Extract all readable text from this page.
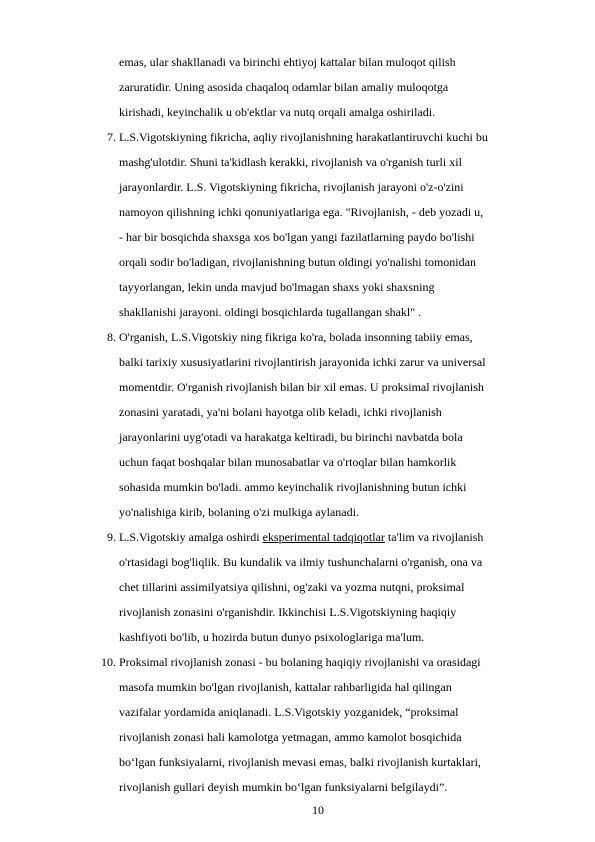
emas, ular shakllanadi va birinchi ehtiyoj kattalar bilan muloqot qilish
zaruratidir. Uning asosida chaqaloq odamlar bilan amaliy muloqotga
kirishadi, keyinchalik u ob'ektlar va nutq orqali amalga oshiriladi.
7. L.S.Vigotskiyning fikricha, aqliy rivojlanishning harakatlantiruvchi kuchi bu
mashg'ulotdir. Shuni ta'kidlash kerakki, rivojlanish va o'rganish turli xil
jarayonlardir. L.S. Vigotskiyning fikricha, rivojlanish jarayoni o'z-o'zini
namoyon qilishning ichki qonuniyatlariga ega. "Rivojlanish, - deb yozadi u,
- har bir bosqichda shaxsga xos bo'lgan yangi fazilatlarning paydo bo'lishi
orqali sodir bo'ladigan, rivojlanishning butun oldingi yo'nalishi tomonidan
tayyorlangan, lekin unda mavjud bo'lmagan shaxs yoki shaxsning
shakllanishi jarayoni. oldingi bosqichlarda tugallangan shakl" .
8. O'rganish, L.S.Vigotskiy ning fikriga ko'ra, bolada insonning tabiiy emas,
balki tarixiy xususiyatlarini rivojlantirish jarayonida ichki zarur va universal
momentdir. O'rganish rivojlanish bilan bir xil emas. U proksimal rivojlanish
zonasini yaratadi, ya'ni bolani hayotga olib keladi, ichki rivojlanish
jarayonlarini uyg'otadi va harakatga keltiradi, bu birinchi navbatda bola
uchun faqat boshqalar bilan munosabatlar va o'rtoqlar bilan hamkorlik
sohasida mumkin bo'ladi. ammo keyinchalik rivojlanishning butun ichki
yo'nalishiga kirib, bolaning o'zi mulkiga aylanadi.
9. L.S.Vigotskiy amalga oshirdi eksperimental tadqiqotlar ta'lim va rivojlanish
o'rtasidagi bog'liqlik. Bu kundalik va ilmiy tushunchalarni o'rganish, ona va
chet tillarini assimilyatsiya qilishni, og'zaki va yozma nutqni, proksimal
rivojlanish zonasini o'rganishdir. Ikkinchisi L.S.Vigotskiyning haqiqiy
kashfiyoti bo'lib, u hozirda butun dunyo psixologlariga ma'lum.
10. Proksimal rivojlanish zonasi - bu bolaning haqiqiy rivojlanishi va orasidagi
masofa mumkin bo'lgan rivojlanish, kattalar rahbarligida hal qilingan
vazifalar yordamida aniqlanadi. L.S.Vigotskiy yozganidek, “proksimal
rivojlanish zonasi hali kamolotga yetmagan, ammo kamolot bosqichida
bo‘lgan funksiyalarni, rivojlanish mevasi emas, balki rivojlanish kurtaklari,
rivojlanish gullari deyish mumkin bo‘lgan funksiyalarni belgilaydi”.
10
